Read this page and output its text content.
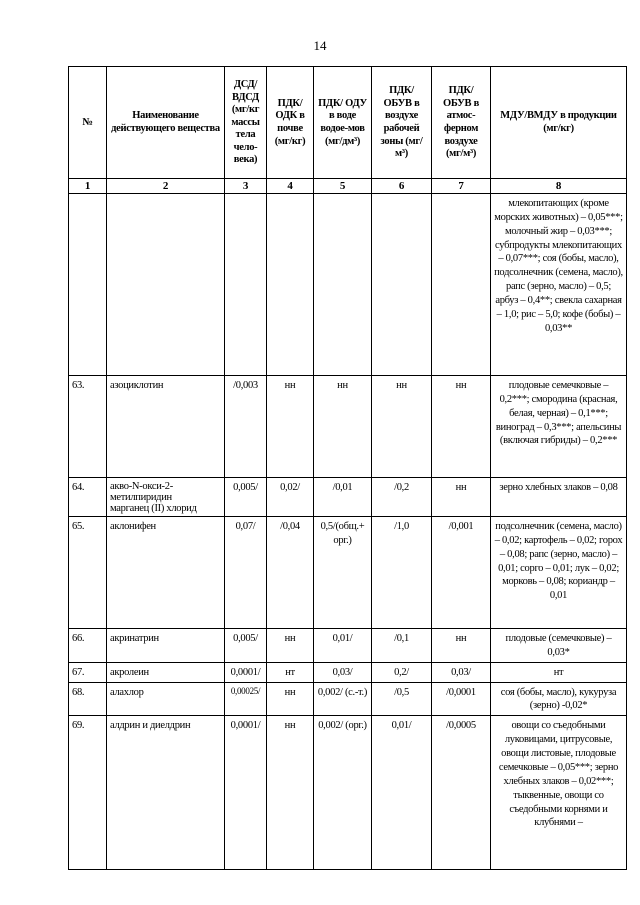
14
№	Наименование действующего вещества	ДСД/ ВДСД (мг/кг массы тела чело-века)	ПДК/ ОДК в почве (мг/кг)	ПДК/ ОДУ в воде водое-мов (мг/дм³)	ПДК/ ОБУВ в воздухе рабочей зоны (мг/м³)	ПДК/ ОБУВ в атмос-ферном воздухе (мг/м³)	МДУ/ВМДУ в продукции (мг/кг)
1	2	3	4	5	6	7	8
							млекопитающих (кроме морских животных) – 0,05***; молочный жир – 0,03***; субпродукты млекопитающих – 0,07***; соя (бобы, масло), подсолнечник (семена, масло), рапс (зерно, масло) – 0,5; арбуз – 0,4**; свекла сахарная – 1,0; рис – 5,0; кофе (бобы) – 0,03**
63.	азоциклотин	/0,003	нн	нн	нн	нн	плодовые семечковые – 0,2***; смородина (красная, белая, черная) – 0,1***; виноград – 0,3***; апельсины (включая гибриды) – 0,2***
64.	акво-N-окси-2-
метилпиридин
марганец (II) хлорид	0,005/	0,02/	/0,01	/0,2	нн	зерно хлебных злаков – 0,08
65.	аклонифен	0,07/	/0,04	0,5/(общ.+ орг.)	/1,0	/0,001	подсолнечник (семена, масло) – 0,02; картофель – 0,02; горох – 0,08; рапс (зерно, масло) – 0,01; сорго – 0,01; лук – 0,02; морковь – 0,08; кориандр – 0,01
66.	акринатрин	0,005/	нн	0,01/	/0,1	нн	плодовые (семечковые) – 0,03*
67.	акролеин	0,0001/	нт	0,03/	0,2/	0,03/	нт
68.	алахлор	0,00025/	нн	0,002/ (с.-т.)	/0,5	/0,0001	соя (бобы, масло), кукуруза (зерно) -0,02*
69.	алдрин и диелдрин	0,0001/	нн	0,002/ (орг.)	0,01/	/0,0005	овощи со съедобными луковицами, цитрусовые, овощи листовые, плодовые семечковые – 0,05***; зерно хлебных злаков – 0,02***; тыквенные, овощи со съедобными корнями и клубнями –
